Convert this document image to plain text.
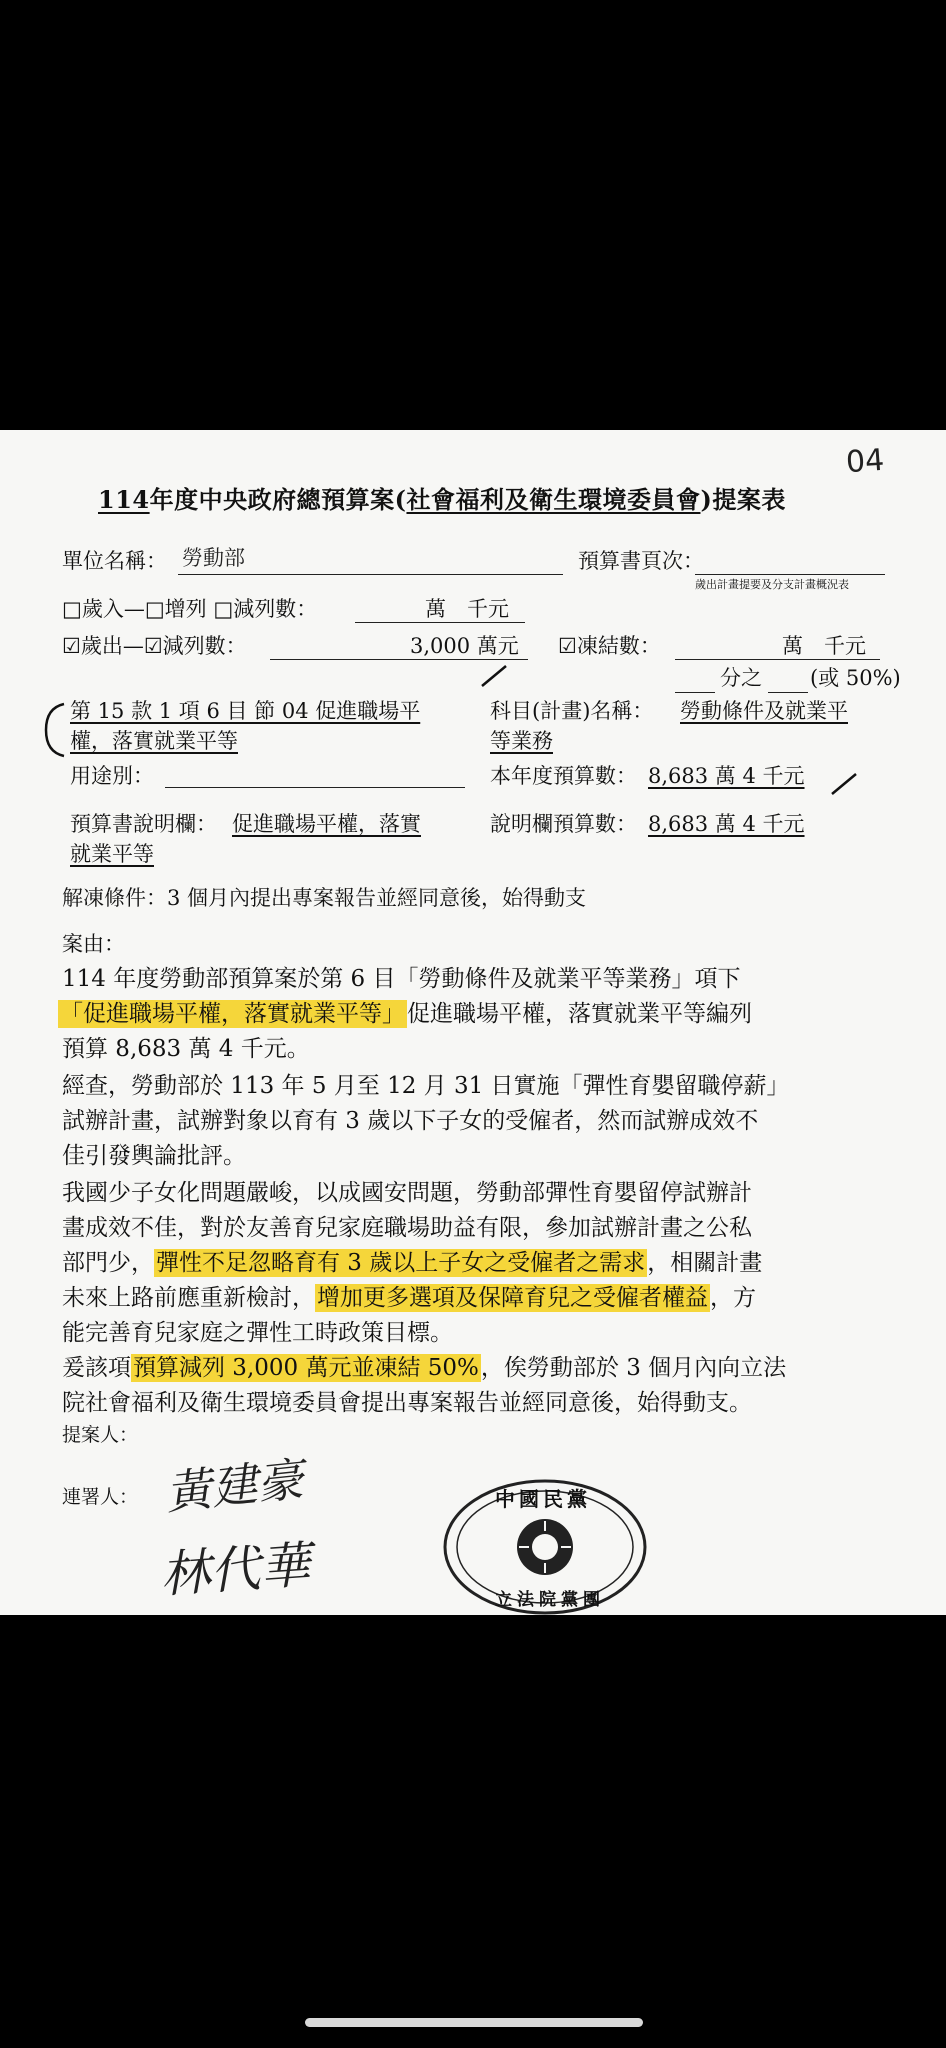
114年度中央政府總預算案(社會福利及衛生環境委員會)提案表
04
單位名稱： 勞動部	預算書頁次：
歲出計畫提要及分支計畫概況表
□歲入—□增列 □減列數：	萬　千元
☑歲出—☑減列數：	3,000 萬元 ☑凍結數：	萬　千元
分之 (或 50%)
第 15 款 1 項 6 目 節 04 促進職場平
權，落實就業平等
用途別：
科目(計畫)名稱： 勞動條件及就業平
等業務
本年度預算數： 8,683 萬 4 千元
預算書說明欄： 促進職場平權，落實
就業平等
說明欄預算數： 8,683 萬 4 千元
解凍條件：3 個月內提出專案報告並經同意後，始得動支
案由：
114 年度勞動部預算案於第 6 目「勞動條件及就業平等業務」項下
「促進職場平權，落實就業平等」促進職場平權，落實就業平等編列
預算 8,683 萬 4 千元。
經查，勞動部於 113 年 5 月至 12 月 31 日實施「彈性育嬰留職停薪」
試辦計畫，試辦對象以育有 3 歲以下子女的受僱者，然而試辦成效不
佳引發輿論批評。
我國少子女化問題嚴峻，以成國安問題，勞動部彈性育嬰留停試辦計
畫成效不佳，對於友善育兒家庭職場助益有限，參加試辦計畫之公私
部門少，彈性不足忽略育有 3 歲以上子女之受僱者之需求，相關計畫
未來上路前應重新檢討，增加更多選項及保障育兒之受僱者權益，方
能完善育兒家庭之彈性工時政策目標。
爰該項預算減列 3,000 萬元並凍結 50%，俟勞動部於 3 個月內向立法
院社會福利及衛生環境委員會提出專案報告並經同意後，始得動支。
提案人：
連署人： 黃建豪
林代華
中國民黨
立法院黨團
